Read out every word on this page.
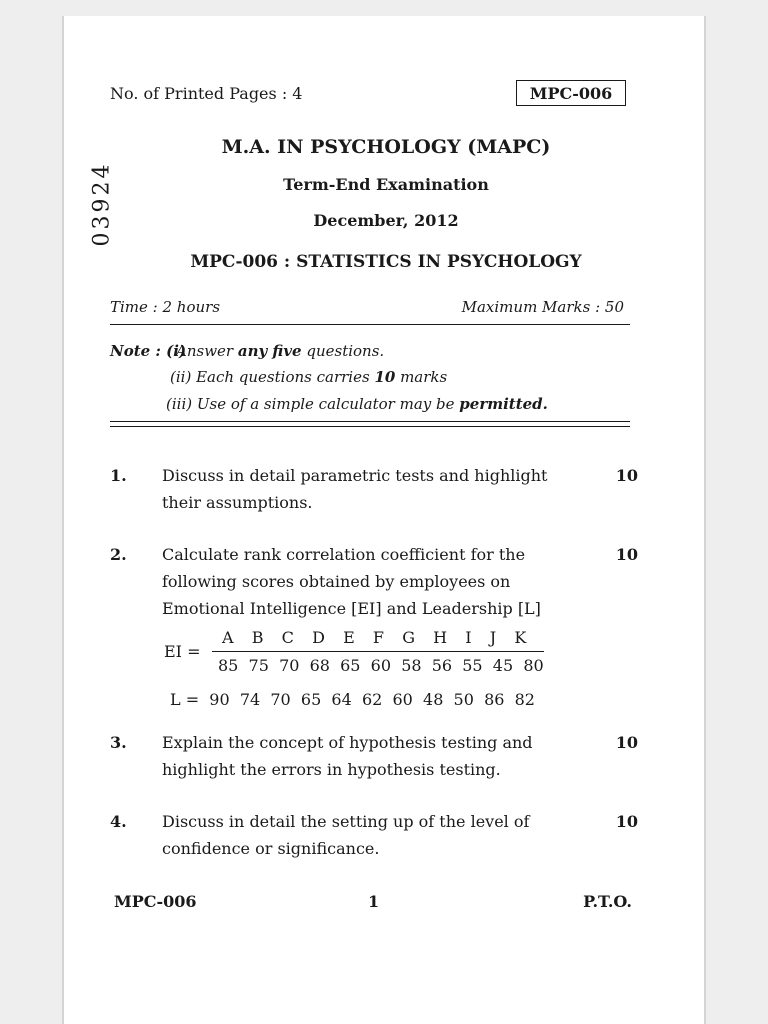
No. of Printed Pages : 4	MPC-006
03924
M.A. IN PSYCHOLOGY (MAPC)
Term-End Examination
December, 2012
MPC-006 : STATISTICS IN PSYCHOLOGY
Time : 2 hours	Maximum Marks : 50
Note : (i)
Answer any five questions.
(ii) Each questions carries 10 marks
(iii) Use of a simple calculator may be permitted.
1. Discuss in detail parametric tests and highlight their assumptions.
10
2. Calculate rank correlation coefficient for the following scores obtained by employees on Emotional Intelligence [EI] and Leadership [L]
10
EI =
A  B  C  D  E  F  G  H  I  J  K
85  75  70  68  65  60  58  56  55  45  80
L =  90  74  70  65  64  62  60  48  50  86  82
3. Explain the concept of hypothesis testing and highlight the errors in hypothesis testing.
10
4. Discuss in detail the setting up of the level of confidence or significance.
10
MPC-006	1	P.T.O.
